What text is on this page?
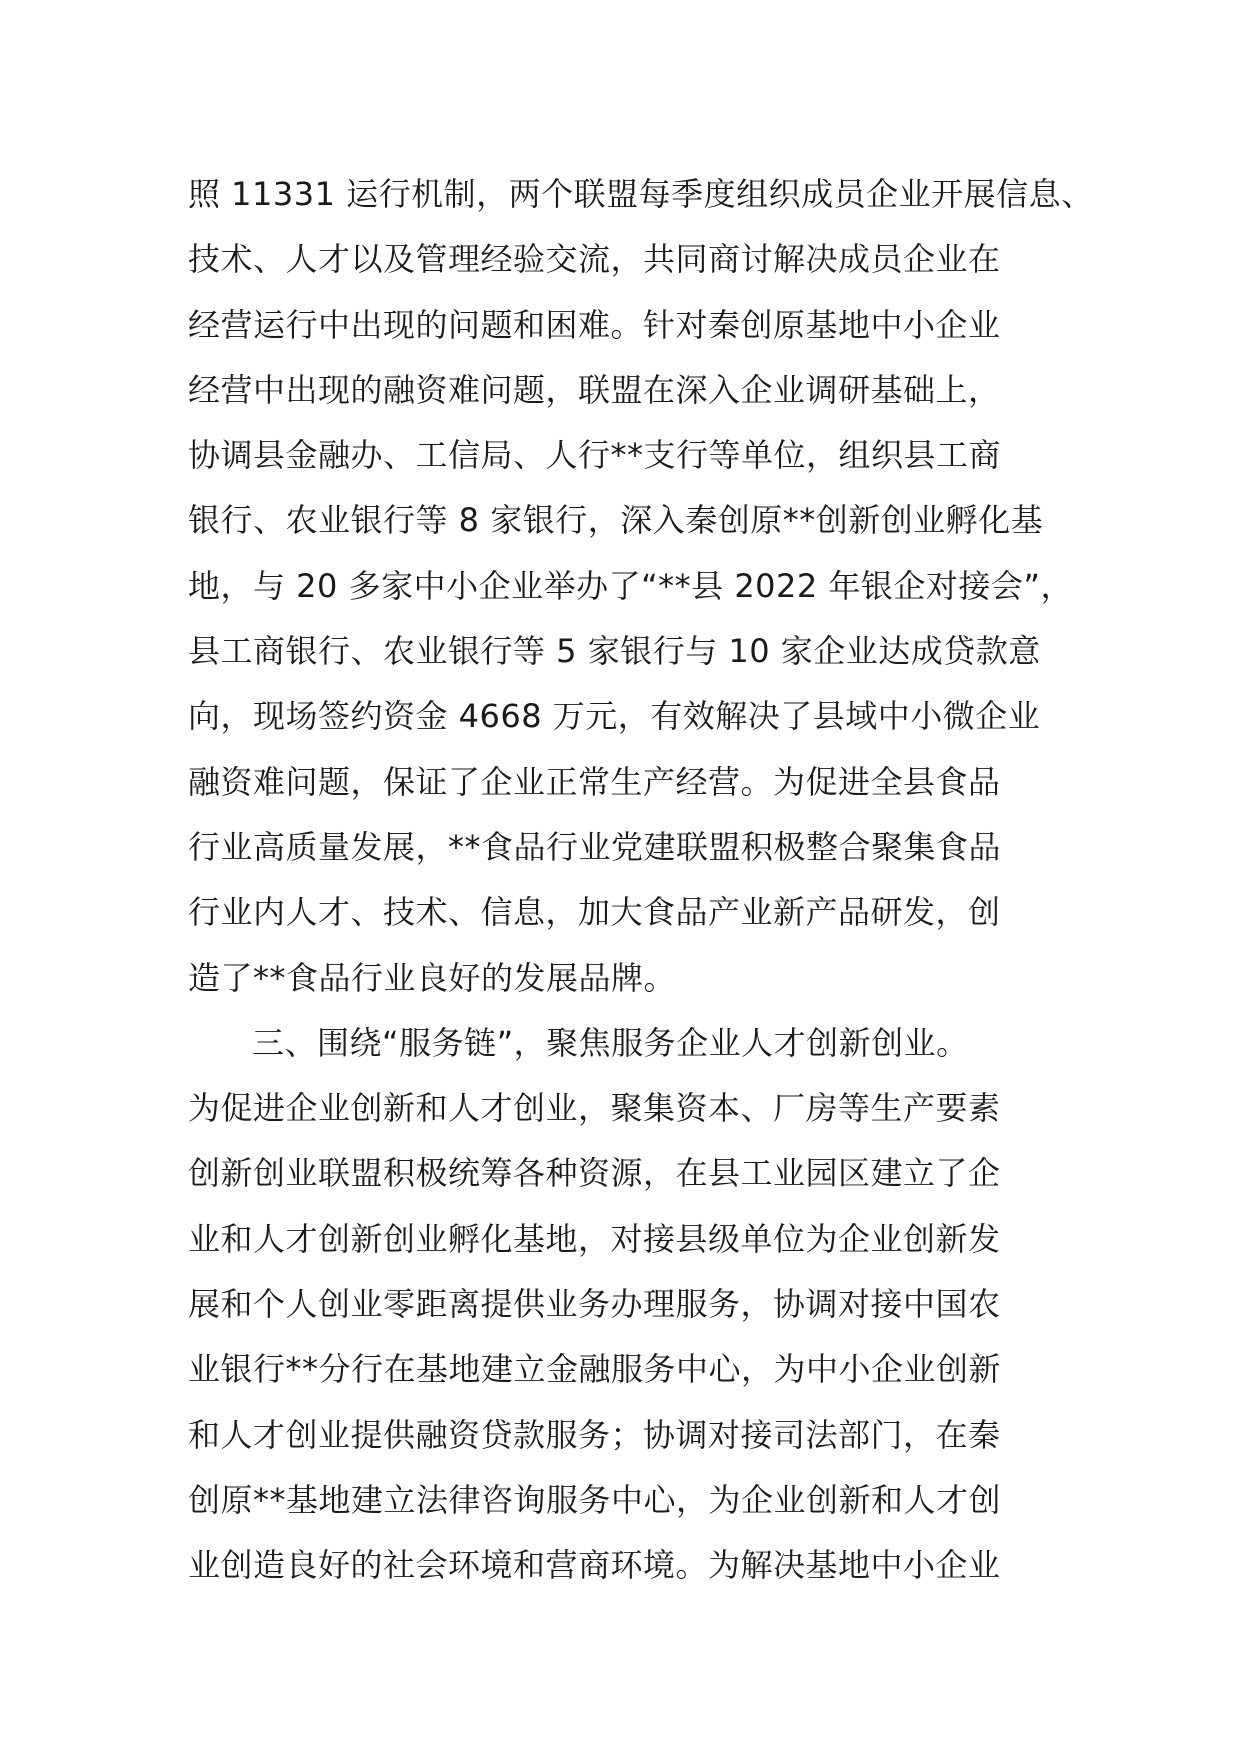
照 11331 运行机制，两个联盟每季度组织成员企业开展信息、
技术、人才以及管理经验交流，共同商讨解决成员企业在
经营运行中出现的问题和困难。针对秦创原基地中小企业
经营中出现的融资难问题，联盟在深入企业调研基础上，
协调县金融办、工信局、人行**支行等单位，组织县工商
银行、农业银行等 8 家银行，深入秦创原**创新创业孵化基
地，与 20 多家中小企业举办了“**县 2022 年银企对接会”，
县工商银行、农业银行等 5 家银行与 10 家企业达成贷款意
向，现场签约资金 4668 万元，有效解决了县域中小微企业
融资难问题，保证了企业正常生产经营。为促进全县食品
行业高质量发展，**食品行业党建联盟积极整合聚集食品
行业内人才、技术、信息，加大食品产业新产品研发，创
造了**食品行业良好的发展品牌。
三、围绕“服务链”，聚焦服务企业人才创新创业。
为促进企业创新和人才创业，聚集资本、厂房等生产要素
创新创业联盟积极统筹各种资源，在县工业园区建立了企
业和人才创新创业孵化基地，对接县级单位为企业创新发
展和个人创业零距离提供业务办理服务，协调对接中国农
业银行**分行在基地建立金融服务中心，为中小企业创新
和人才创业提供融资贷款服务；协调对接司法部门，在秦
创原**基地建立法律咨询服务中心，为企业创新和人才创
业创造良好的社会环境和营商环境。为解决基地中小企业
